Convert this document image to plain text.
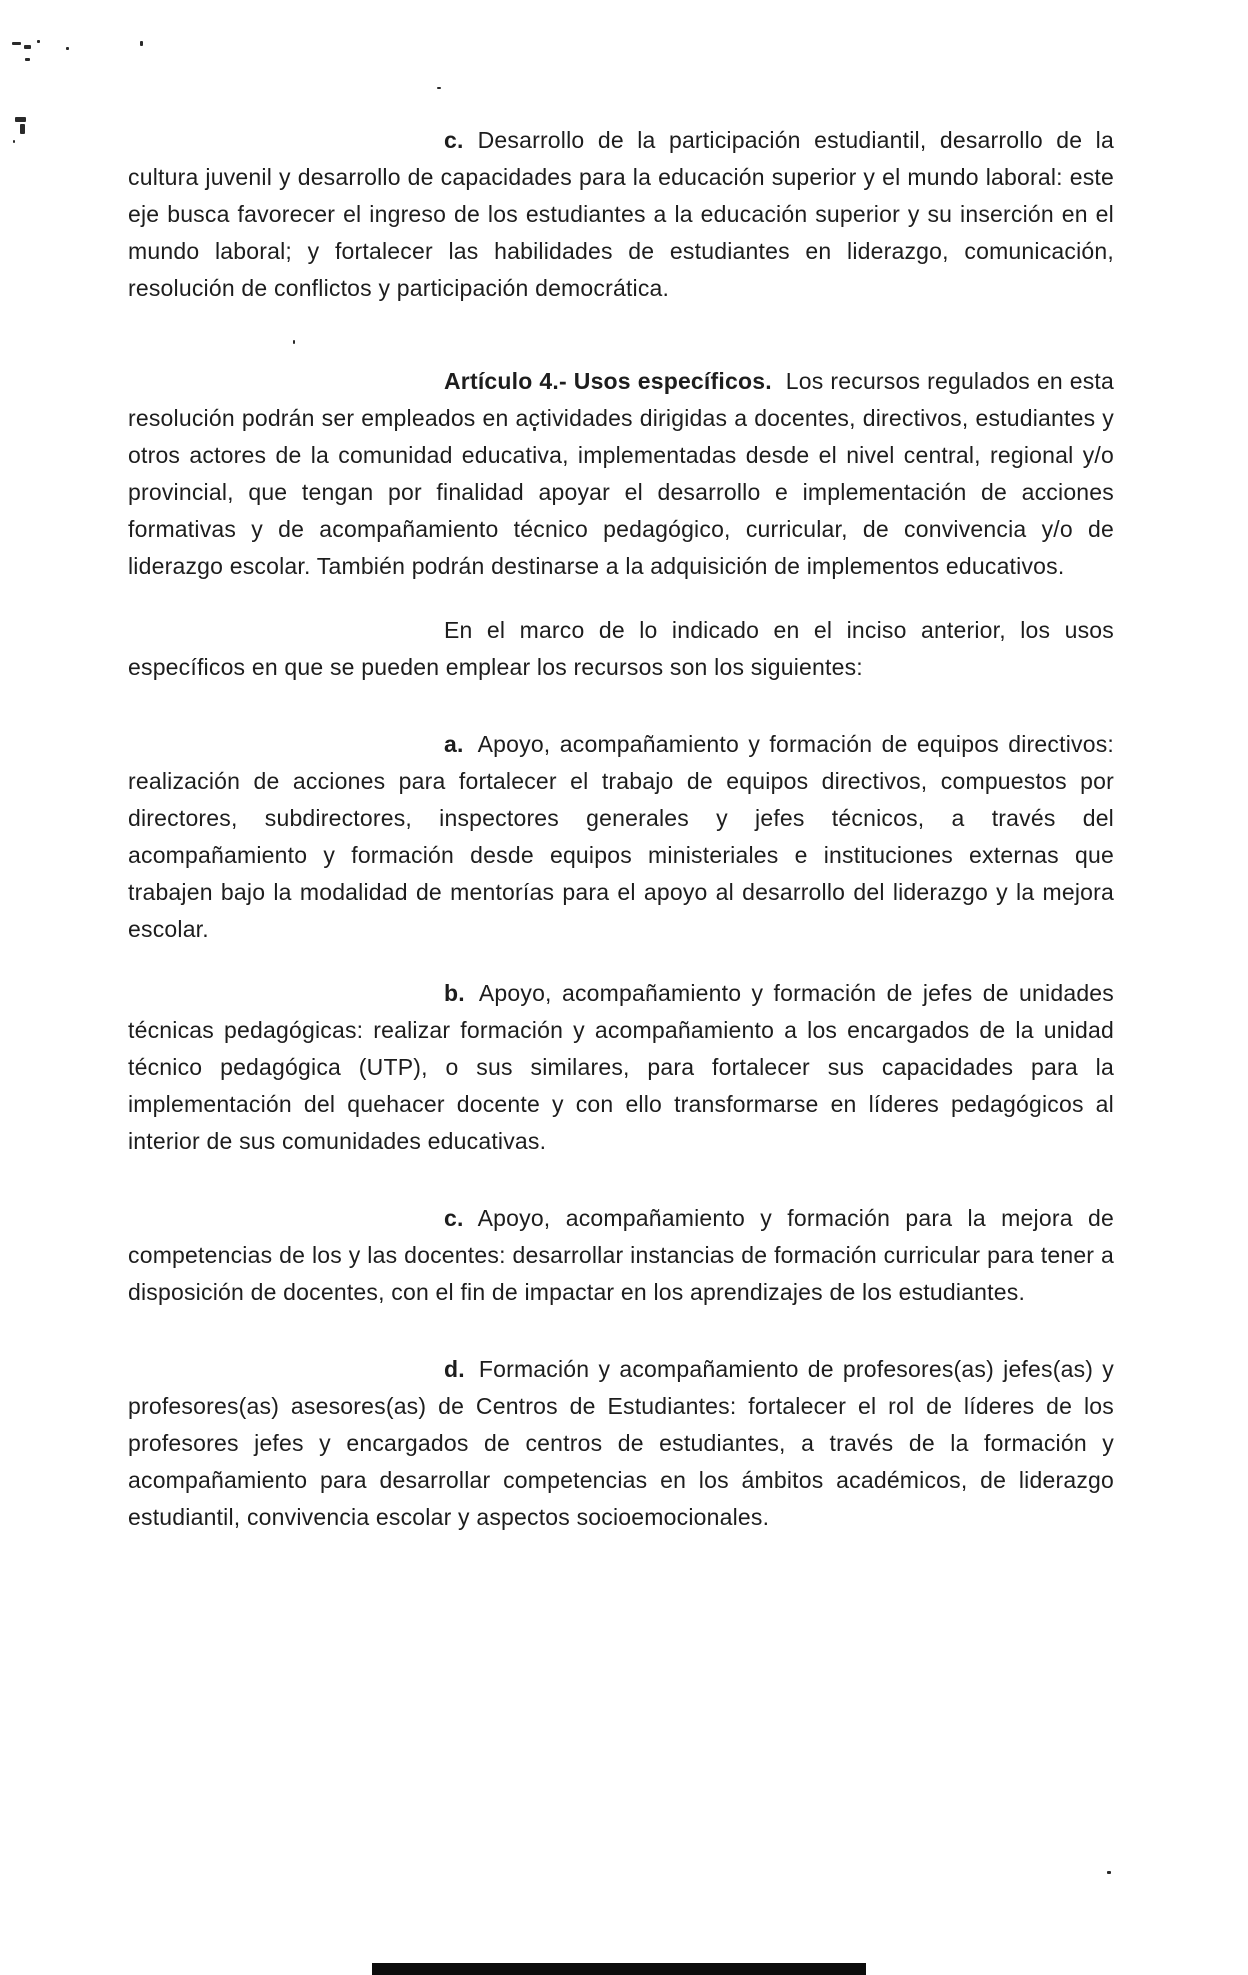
c. Desarrollo de la participación estudiantil, desarrollo de la cultura juvenil y desarrollo de capacidades para la educación superior y el mundo laboral: este eje busca favorecer el ingreso de los estudiantes a la educación superior y su inserción en el mundo laboral; y fortalecer las habilidades de estudiantes en liderazgo, comunicación, resolución de conflictos y participación democrática.

Artículo 4.- Usos específicos. Los recursos regulados en esta resolución podrán ser empleados en actividades dirigidas a docentes, directivos, estudiantes y otros actores de la comunidad educativa, implementadas desde el nivel central, regional y/o provincial, que tengan por finalidad apoyar el desarrollo e implementación de acciones formativas y de acompañamiento técnico pedagógico, curricular, de convivencia y/o de liderazgo escolar. También podrán destinarse a la adquisición de implementos educativos.

En el marco de lo indicado en el inciso anterior, los usos específicos en que se pueden emplear los recursos son los siguientes:

a. Apoyo, acompañamiento y formación de equipos directivos: realización de acciones para fortalecer el trabajo de equipos directivos, compuestos por directores, subdirectores, inspectores generales y jefes técnicos, a través del acompañamiento y formación desde equipos ministeriales e instituciones externas que trabajen bajo la modalidad de mentorías para el apoyo al desarrollo del liderazgo y la mejora escolar.

b. Apoyo, acompañamiento y formación de jefes de unidades técnicas pedagógicas: realizar formación y acompañamiento a los encargados de la unidad técnico pedagógica (UTP), o sus similares, para fortalecer sus capacidades para la implementación del quehacer docente y con ello transformarse en líderes pedagógicos al interior de sus comunidades educativas.

c. Apoyo, acompañamiento y formación para la mejora de competencias de los y las docentes: desarrollar instancias de formación curricular para tener a disposición de docentes, con el fin de impactar en los aprendizajes de los estudiantes.

d. Formación y acompañamiento de profesores(as) jefes(as) y profesores(as) asesores(as) de Centros de Estudiantes: fortalecer el rol de líderes de los profesores jefes y encargados de centros de estudiantes, a través de la formación y acompañamiento para desarrollar competencias en los ámbitos académicos, de liderazgo estudiantil, convivencia escolar y aspectos socioemocionales.
